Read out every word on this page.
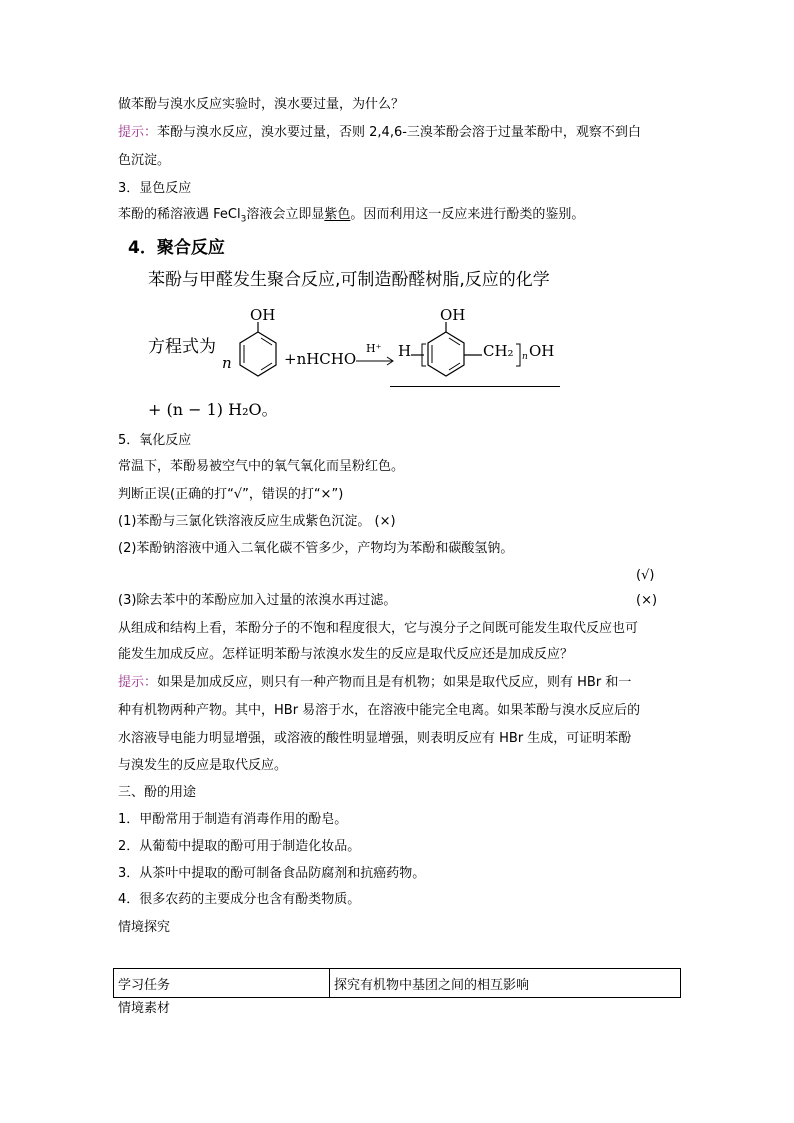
做苯酚与溴水反应实验时，溴水要过量，为什么？
提示：苯酚与溴水反应，溴水要过量，否则 2,4,6-三溴苯酚会溶于过量苯酚中，观察不到白
色沉淀。
3．显色反应
苯酚的稀溶液遇 FeCl$_3$溶液会立即显紫色。因而利用这一反应来进行酚类的鉴别。
4．聚合反应
苯酚与甲醛发生聚合反应,可制造酚醛树脂,反应的化学
方程式为
n
OH
+nHCHO
H⁺ H
OH
CH₂ n OH
+ (n − 1) H₂O。
5．氧化反应
常温下，苯酚易被空气中的氧气氧化而呈粉红色。
判断正误(正确的打“√”，错误的打“×”)
(1)苯酚与三氯化铁溶液反应生成紫色沉淀。 (×)
(2)苯酚钠溶液中通入二氧化碳不管多少，产物均为苯酚和碳酸氢钠。
(√)
(3)除去苯中的苯酚应加入过量的浓溴水再过滤。	(×)
从组成和结构上看，苯酚分子的不饱和程度很大，它与溴分子之间既可能发生取代反应也可
能发生加成反应。怎样证明苯酚与浓溴水发生的反应是取代反应还是加成反应？
提示：如果是加成反应，则只有一种产物而且是有机物；如果是取代反应，则有 HBr 和一
种有机物两种产物。其中，HBr 易溶于水，在溶液中能完全电离。如果苯酚与溴水反应后的
水溶液导电能力明显增强，或溶液的酸性明显增强，则表明反应有 HBr 生成，可证明苯酚
与溴发生的反应是取代反应。
三、酚的用途
1．甲酚常用于制造有消毒作用的酚皂。
2．从葡萄中提取的酚可用于制造化妆品。
3．从茶叶中提取的酚可制备食品防腐剂和抗癌药物。
4．很多农药的主要成分也含有酚类物质。
情境探究
学习任务	探究有机物中基团之间的相互影响
情境素材
